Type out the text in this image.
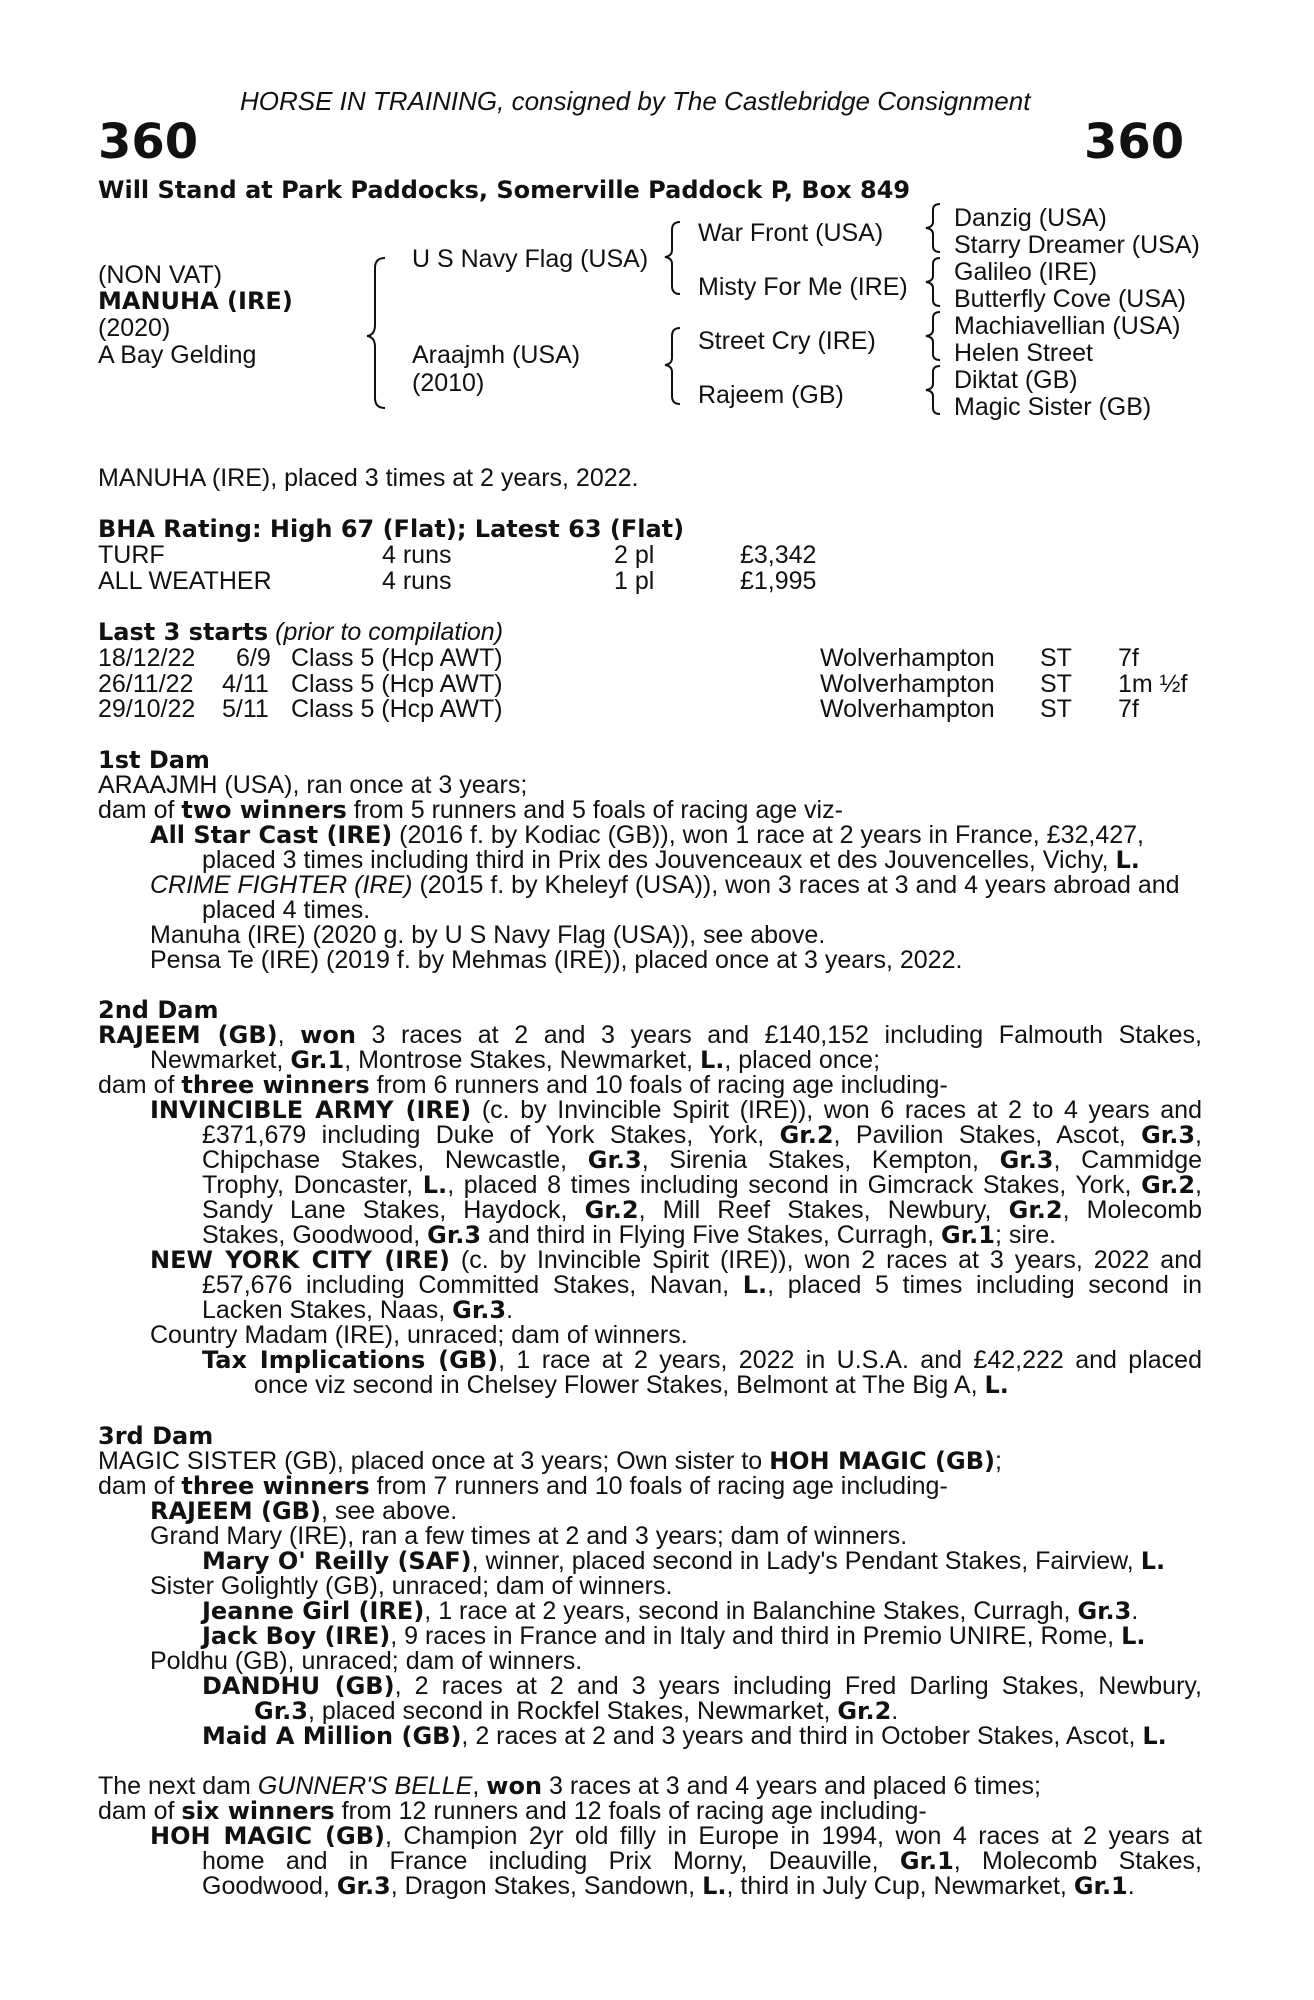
HORSE IN TRAINING, consigned by The Castlebridge Consignment
360	360
Will Stand at Park Paddocks, Somerville Paddock P, Box 849
(NON VAT)
MANUHA (IRE)
(2020)
A Bay Gelding
U S Navy Flag (USA)
Araajmh (USA)
(2010)
War Front (USA)
Misty For Me (IRE)
Street Cry (IRE)
Rajeem (GB)
Danzig (USA)
Starry Dreamer (USA)
Galileo (IRE)
Butterfly Cove (USA)
Machiavellian (USA)
Helen Street
Diktat (GB)
Magic Sister (GB)
MANUHA (IRE), placed 3 times at 2 years, 2022.
BHA Rating: High 67 (Flat); Latest 63 (Flat)
TURF	4 runs	2 pl	£3,342
ALL WEATHER	4 runs	1 pl	£1,995
Last 3 starts (prior to compilation)
18/12/22 6/9 Class 5 (Hcp AWT)	Wolverhampton ST 7f
26/11/22 4/11 Class 5 (Hcp AWT)	Wolverhampton ST 1m ½f
29/10/22 5/11 Class 5 (Hcp AWT)	Wolverhampton ST 7f
1st Dam
ARAAJMH (USA), ran once at 3 years;
dam of two winners from 5 runners and 5 foals of racing age viz-
All Star Cast (IRE) (2016 f. by Kodiac (GB)), won 1 race at 2 years in France, £32,427,
placed 3 times including third in Prix des Jouvenceaux et des Jouvencelles, Vichy, L.
CRIME FIGHTER (IRE) (2015 f. by Kheleyf (USA)), won 3 races at 3 and 4 years abroad and
placed 4 times.
Manuha (IRE) (2020 g. by U S Navy Flag (USA)), see above.
Pensa Te (IRE) (2019 f. by Mehmas (IRE)), placed once at 3 years, 2022.
2nd Dam
RAJEEM (GB), won 3 races at 2 and 3 years and £140,152 including Falmouth Stakes,
Newmarket, Gr.1, Montrose Stakes, Newmarket, L., placed once;
dam of three winners from 6 runners and 10 foals of racing age including-
INVINCIBLE ARMY (IRE) (c. by Invincible Spirit (IRE)), won 6 races at 2 to 4 years and
£371,679 including Duke of York Stakes, York, Gr.2, Pavilion Stakes, Ascot, Gr.3,
Chipchase Stakes, Newcastle, Gr.3, Sirenia Stakes, Kempton, Gr.3, Cammidge
Trophy, Doncaster, L., placed 8 times including second in Gimcrack Stakes, York, Gr.2,
Sandy Lane Stakes, Haydock, Gr.2, Mill Reef Stakes, Newbury, Gr.2, Molecomb
Stakes, Goodwood, Gr.3 and third in Flying Five Stakes, Curragh, Gr.1; sire.
NEW YORK CITY (IRE) (c. by Invincible Spirit (IRE)), won 2 races at 3 years, 2022 and
£57,676 including Committed Stakes, Navan, L., placed 5 times including second in
Lacken Stakes, Naas, Gr.3.
Country Madam (IRE), unraced; dam of winners.
Tax Implications (GB), 1 race at 2 years, 2022 in U.S.A. and £42,222 and placed
once viz second in Chelsey Flower Stakes, Belmont at The Big A, L.
3rd Dam
MAGIC SISTER (GB), placed once at 3 years; Own sister to HOH MAGIC (GB);
dam of three winners from 7 runners and 10 foals of racing age including-
RAJEEM (GB), see above.
Grand Mary (IRE), ran a few times at 2 and 3 years; dam of winners.
Mary O' Reilly (SAF), winner, placed second in Lady's Pendant Stakes, Fairview, L.
Sister Golightly (GB), unraced; dam of winners.
Jeanne Girl (IRE), 1 race at 2 years, second in Balanchine Stakes, Curragh, Gr.3.
Jack Boy (IRE), 9 races in France and in Italy and third in Premio UNIRE, Rome, L.
Poldhu (GB), unraced; dam of winners.
DANDHU (GB), 2 races at 2 and 3 years including Fred Darling Stakes, Newbury,
Gr.3, placed second in Rockfel Stakes, Newmarket, Gr.2.
Maid A Million (GB), 2 races at 2 and 3 years and third in October Stakes, Ascot, L.
The next dam GUNNER'S BELLE, won 3 races at 3 and 4 years and placed 6 times;
dam of six winners from 12 runners and 12 foals of racing age including-
HOH MAGIC (GB), Champion 2yr old filly in Europe in 1994, won 4 races at 2 years at
home and in France including Prix Morny, Deauville, Gr.1, Molecomb Stakes,
Goodwood, Gr.3, Dragon Stakes, Sandown, L., third in July Cup, Newmarket, Gr.1.
